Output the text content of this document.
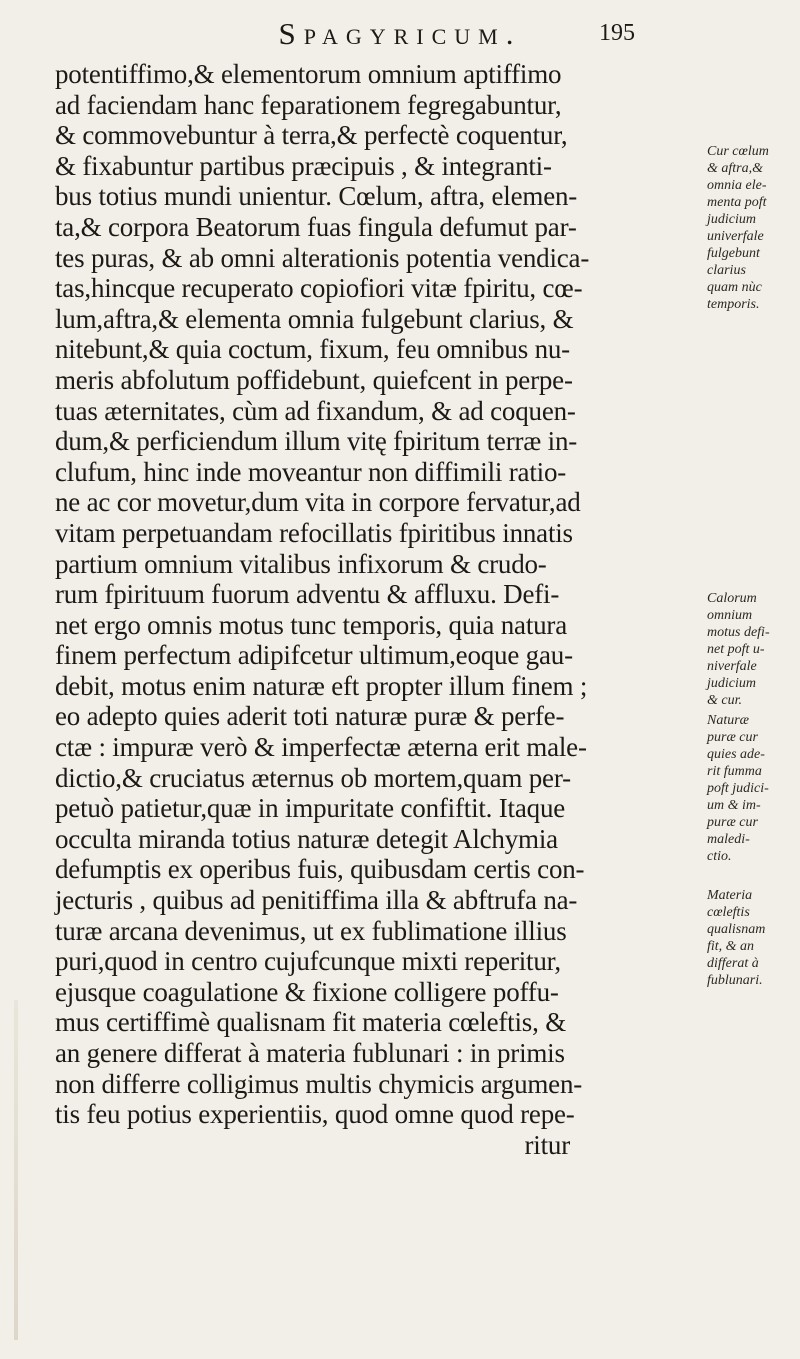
Spagyricum.	195
potentiffimo,& elementorum omnium aptiffimo
ad faciendam hanc feparationem fegregabuntur,
& commovebuntur à terra,& perfectè coquentur,
& fixabuntur partibus præcipuis , & integranti-
bus totius mundi unientur. Cœlum, aftra, elemen-
ta,& corpora Beatorum fuas fingula defumut par-
tes puras, & ab omni alterationis potentia vendica-
tas,hincque recuperato copiofiori vitæ fpiritu, cœ-
lum,aftra,& elementa omnia fulgebunt clarius, &
nitebunt,& quia coctum, fixum, feu omnibus nu-
meris abfolutum poffidebunt, quiefcent in perpe-
tuas æternitates, cùm ad fixandum, & ad coquen-
dum,& perficiendum illum vitę fpiritum terræ in-
clufum, hinc inde moveantur non diffimili ratio-
ne ac cor movetur,dum vita in corpore fervatur,ad
vitam perpetuandam refocillatis fpiritibus innatis
partium omnium vitalibus infixorum & crudo-
rum fpirituum fuorum adventu & affluxu. Defi-
net ergo omnis motus tunc temporis, quia natura
finem perfectum adipifcetur ultimum,eoque gau-
debit, motus enim naturæ eft propter illum finem ;
eo adepto quies aderit toti naturæ puræ & perfe-
ctæ : impuræ verò & imperfectæ æterna erit male-
dictio,& cruciatus æternus ob mortem,quam per-
petuò patietur,quæ in impuritate confiftit. Itaque
occulta miranda totius naturæ detegit Alchymia
defumptis ex operibus fuis, quibusdam certis con-
jecturis , quibus ad penitiffima illa & abftrufa na-
turæ arcana devenimus, ut ex fublimatione illius
puri,quod in centro cujufcunque mixti reperitur,
ejusque coagulatione & fixione colligere poffu-
mus certiffimè qualisnam fit materia cœleftis, &
an genere differat à materia fublunari : in primis
non differre colligimus multis chymicis argumen-
tis feu potius experientiis, quod omne quod repe-
ritur
Cur cœlum
& aftra,&
omnia ele-
menta poft
judicium
univerfale
fulgebunt
clarius
quam nùc
temporis.
Calorum
omnium
motus defi-
net poft u-
niverfale
judicium
& cur.
Naturæ
puræ cur
quies ade-
rit fumma
poft judici-
um & im-
puræ cur
maledi-
ctio.
Materia
cœleftis
qualisnam
fit, & an
differat à
fublunari.
